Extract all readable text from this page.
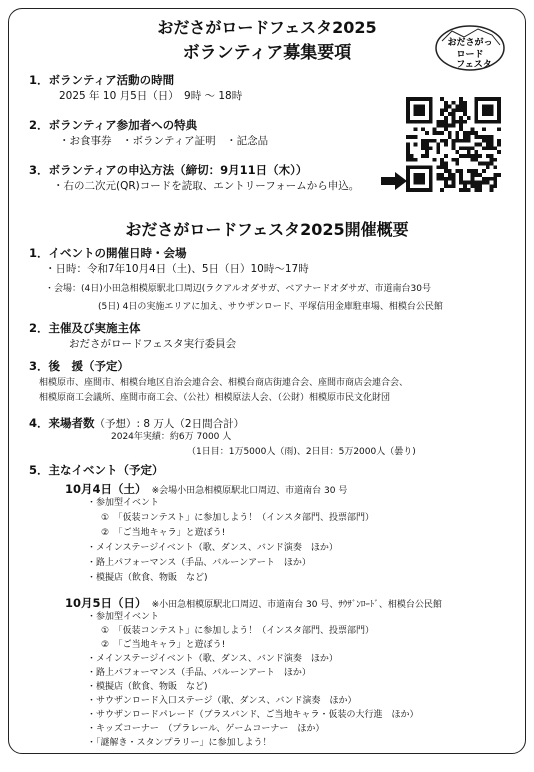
おださがロードフェスタ2025
ボランティア募集要項	おださがっ
ロード
フェスタ
1．ボランティア活動の時間
2025 年 10 月5日（日）　9時 ～ 18時
2．ボランティア参加者への特典
・お食事券　・ボランティア証明　・記念品
3．ボランティアの申込方法（締切：9月11日（木））
・右の二次元(QR)コードを読取、エントリーフォームから申込。
おださがロードフェスタ2025開催概要
1．イベントの開催日時・会場
・日時：令和7年10月4日（土)、5日（日）10時～17時
・会場：(4日)小田急相模原駅北口周辺(ラクアルオダサガ、ベアナードオダサガ、市道南台30号
(5日) 4日の実施エリアに加え、サウザンロード、平塚信用金庫駐車場、相模台公民館
2．主催及び実施主体
おださがロードフェスタ実行委員会
3．後　援（予定）
相模原市、座間市、相模台地区自治会連合会、相模台商店街連合会、座間市商店会連合会、
相模原商工会議所、座間市商工会、（公社）相模原法人会、（公財）相模原市民文化財団
4．来場者数（予想）: 8 万人（2日間合計）
2024年実績：約6万 7000 人
（1日目：1万5000人（雨)、2日目：5万2000人（曇り)
5．主なイベント（予定）
10月4日（土） ※会場小田急相模原駅北口周辺、市道南台 30 号
・参加型イベント
①　「仮装コンテスト」に参加しよう！（インスタ部門、投票部門）
②　「ご当地キャラ」と遊ぼう!
・メインステージイベント（歌、ダンス、バンド演奏　ほか）
・路上パフォーマンス（手品、バルーンアート　ほか）
・模擬店（飲食、物販　など)
10月5日（日） ※小田急相模原駅北口周辺、市道南台 30 号、ｻｳｻﾞﾝﾛｰﾄﾞ、相模台公民館
・参加型イベント
①　「仮装コンテスト」に参加しよう！（インスタ部門、投票部門）
②　「ご当地キャラ」と遊ぼう!
・メインステージイベント（歌、ダンス、バンド演奏　ほか）
・路上パフォーマンス（手品、バルーンアート　ほか）
・模擬店（飲食、物販　など)
・サウザンロード入口ステージ（歌、ダンス、バンド演奏　ほか）
・サウザンロードパレード（ブラスバンド、ご当地キャラ・仮装の大行進　ほか）
・キッズコーナー　（プラレール、ゲームコーナー　ほか）
・「謎解き・スタンプラリー」に参加しよう！
